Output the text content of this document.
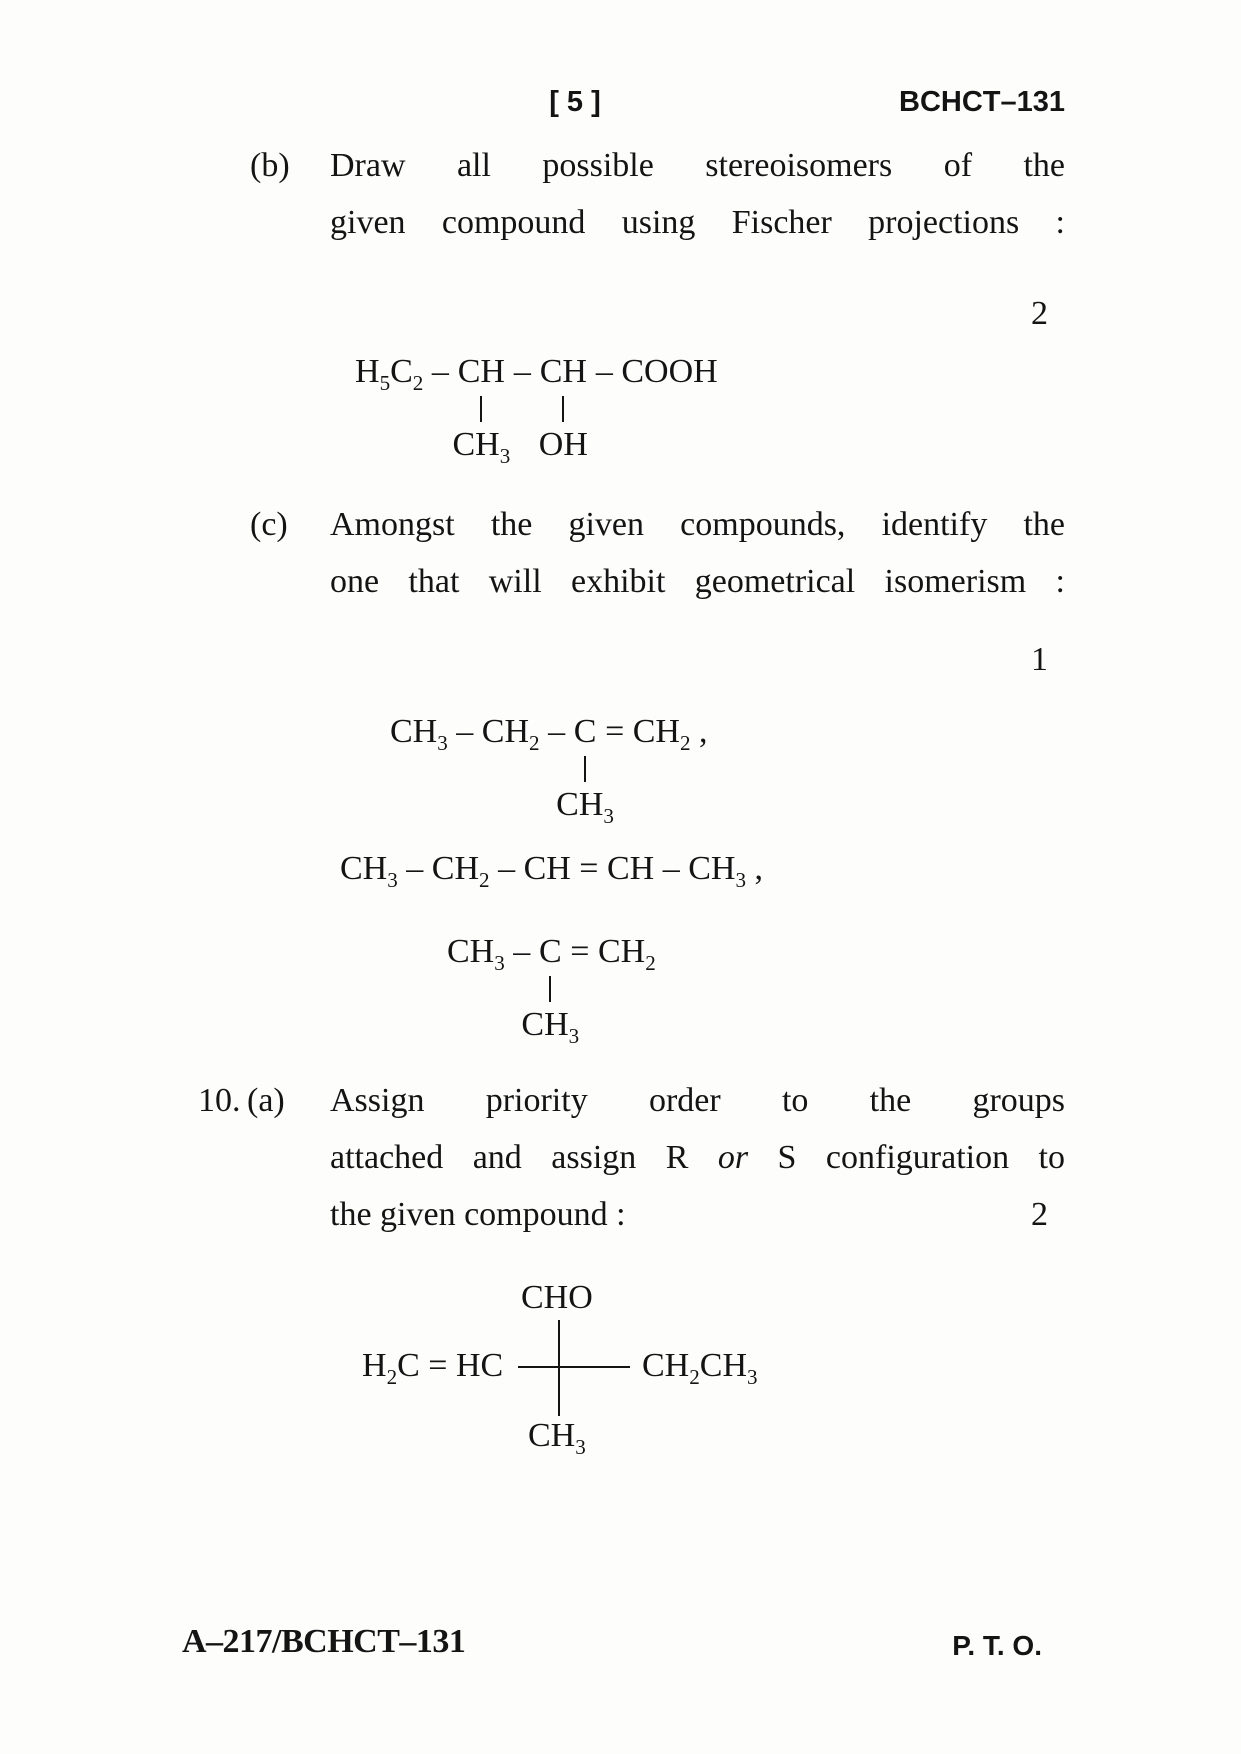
[ 5 ]	BCHCT–131
(b) Draw all possible stereoisomers of the
given compound using Fischer projections :
2
$H_5C_2$ – CH
$CH_3$
– CH
OH
– COOH
(c) Amongst the given compounds, identify the
one that will exhibit geometrical isomerism :
1
$CH_3 - CH_2$ – C
$CH_3$
= $CH_2$ ,
$CH_3 - CH_2$ – CH = CH – $CH_3$ ,
$CH_3$ – C
$CH_3$
= $CH_2$
10. (a) Assign priority order to the groups
attached and assign R or S configuration to
the given compound :	2
CHO
$H_2C$ = HC	$CH_2CH_3$
$CH_3$
A–217/BCHCT–131	P. T. O.
